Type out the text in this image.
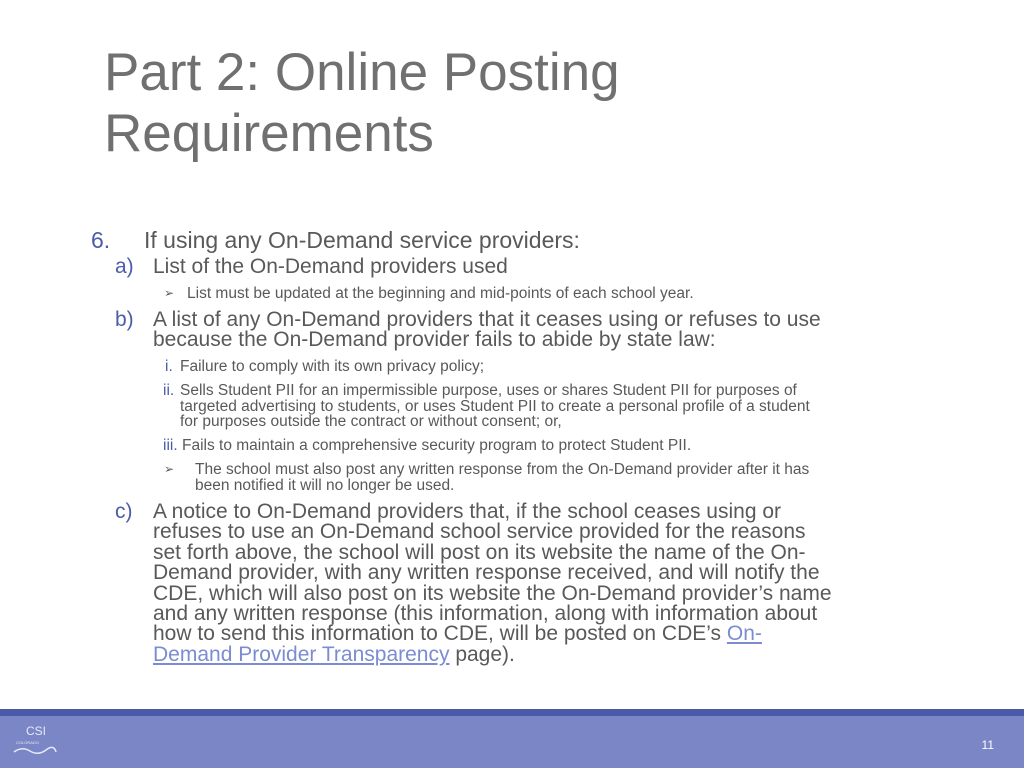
Part 2: Online Posting
Requirements
6. If using any On-Demand service providers:
a) List of the On-Demand providers used
➢ List must be updated at the beginning and mid-points of each school year.
b) A list of any On-Demand providers that it ceases using or refuses to use
because the On-Demand provider fails to abide by state law:
i. Failure to comply with its own privacy policy;
ii. Sells Student PII for an impermissible purpose, uses or shares Student PII for purposes of
targeted advertising to students, or uses Student PII to create a personal profile of a student
for purposes outside the contract or without consent; or,
iii. Fails to maintain a comprehensive security program to protect Student PII.
➢ The school must also post any written response from the On-Demand provider after it has
been notified it will no longer be used.
c) A notice to On-Demand providers that, if the school ceases using or
refuses to use an On-Demand school service provided for the reasons
set forth above, the school will post on its website the name of the On-
Demand provider, with any written response received, and will notify the
CDE, which will also post on its website the On-Demand provider’s name
and any written response (this information, along with information about
how to send this information to CDE, will be posted on CDE’s On-
Demand Provider Transparency page).
CSI
COLORADO	11
